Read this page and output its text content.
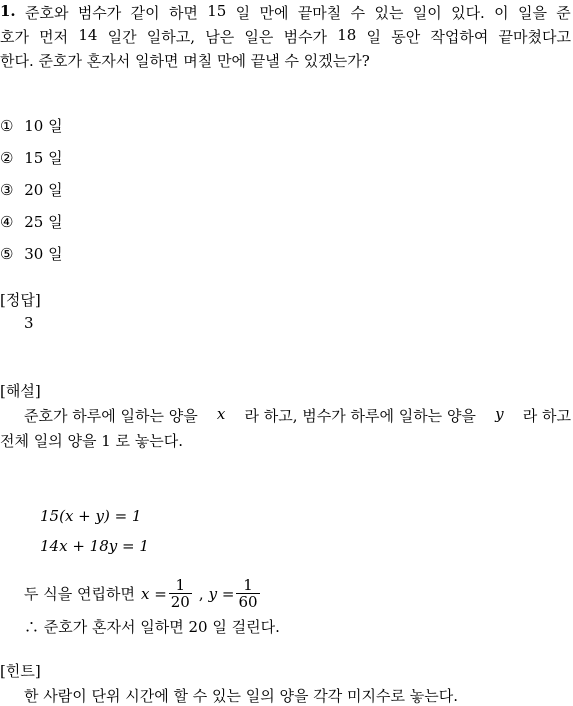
1. 준호와 범수가 같이 하면 15 일 만에 끝마칠 수 있는 일이 있다. 이 일을 준
호가 먼저 14 일간 일하고, 남은 일은 범수가 18 일 동안 작업하여 끝마쳤다고
한다. 준호가 혼자서 일하면 며칠 만에 끝낼 수 있겠는가?
① 10 일
② 15 일
③ 20 일
④ 25 일
⑤ 30 일
[정답]
3
[해설]
준호가 하루에 일하는 양을 x 라 하고, 범수가 하루에 일하는 양을 y 라 하고
전체 일의 양을 1 로 놓는다.
15(x + y) = 1
14x + 18y = 1
두 식을 연립하면 $x = \frac{1}{20}$ , $y = \frac{1}{60}$
∴ 준호가 혼자서 일하면 20 일 걸린다.
[힌트]
한 사람이 단위 시간에 할 수 있는 일의 양을 각각 미지수로 놓는다.
